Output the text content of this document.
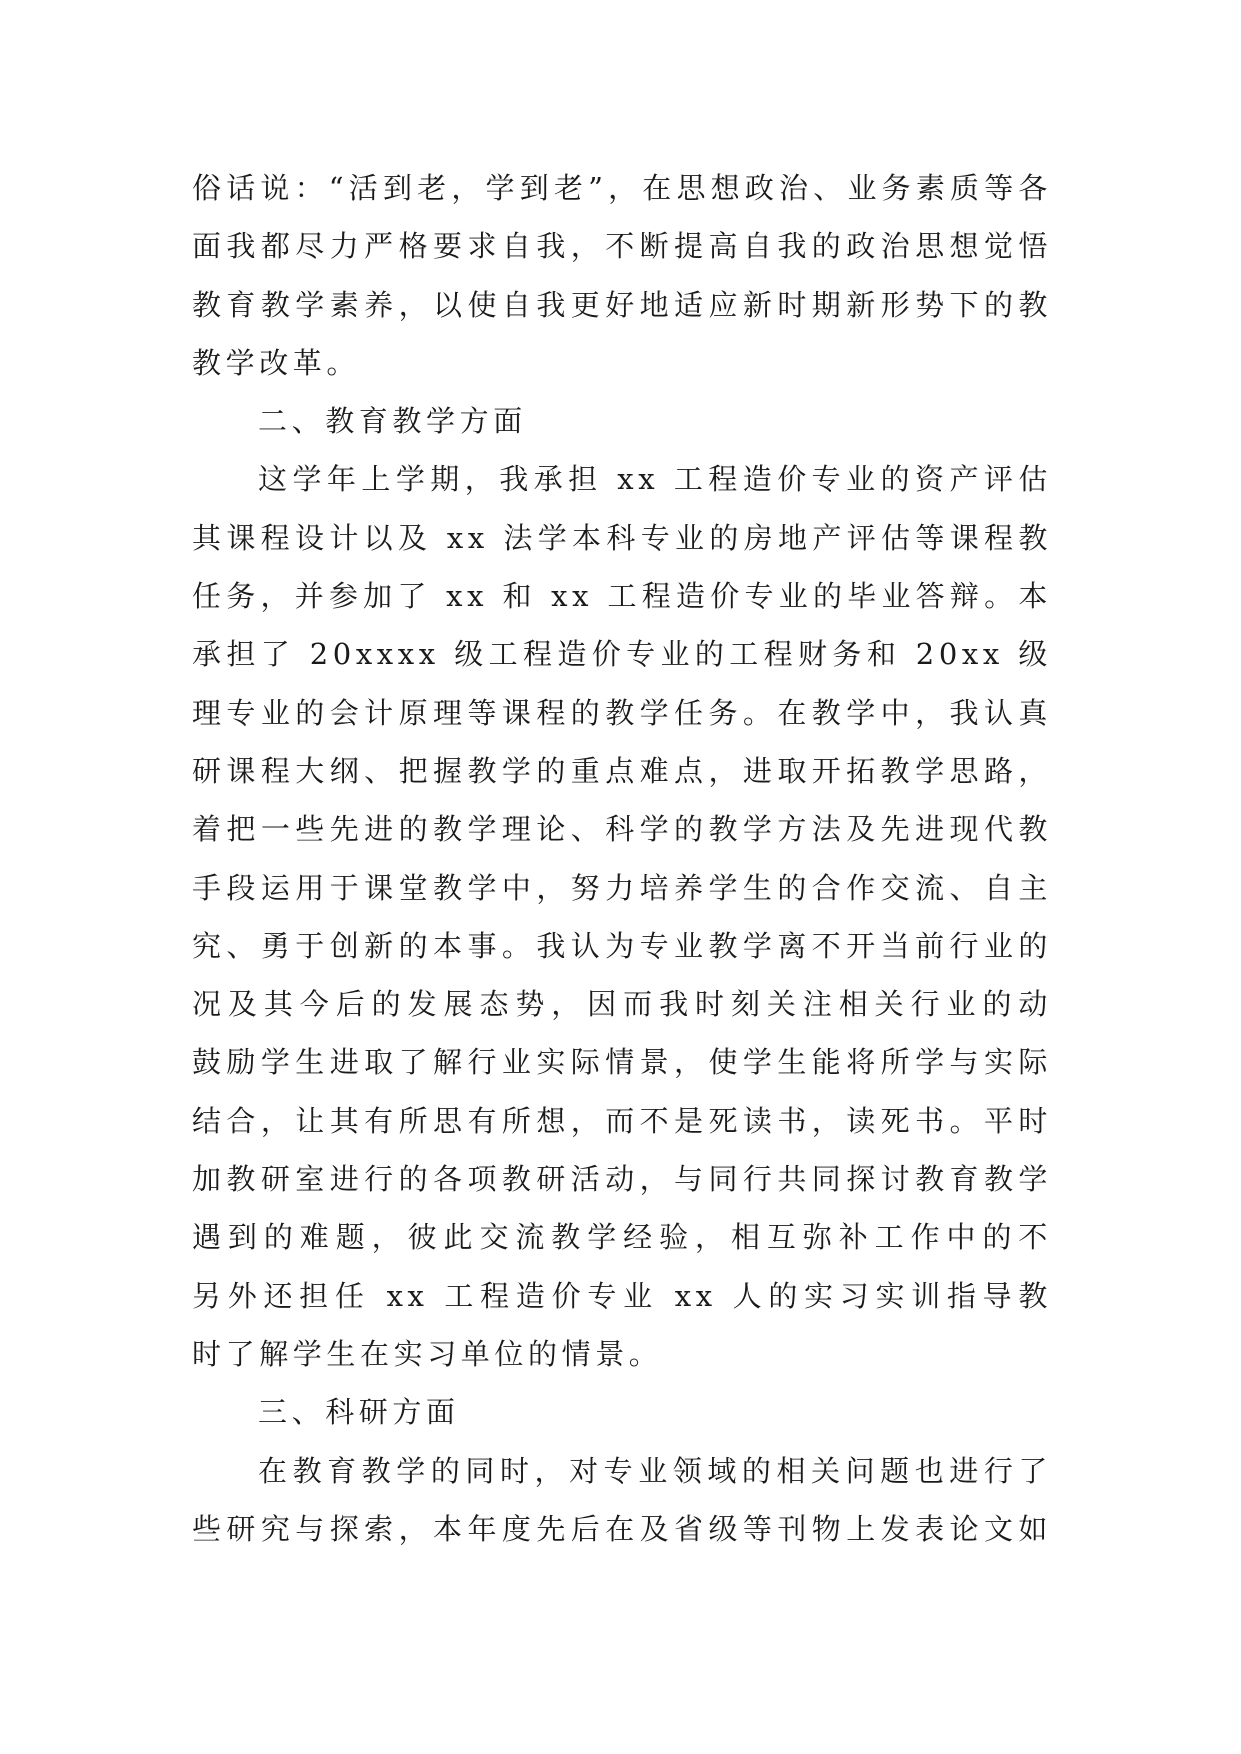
俗话说：“活到老，学到老”，在思想政治、业务素质等各
面我都尽力严格要求自我，不断提高自我的政治思想觉悟
教育教学素养，以使自我更好地适应新时期新形势下的教
教学改革。
二、教育教学方面
这学年上学期，我承担 xx 工程造价专业的资产评估
其课程设计以及 xx 法学本科专业的房地产评估等课程教
任务，并参加了 xx 和 xx 工程造价专业的毕业答辩。本
承担了 20xxxx 级工程造价专业的工程财务和 20xx 级
理专业的会计原理等课程的教学任务。在教学中，我认真
研课程大纲、把握教学的重点难点，进取开拓教学思路，
着把一些先进的教学理论、科学的教学方法及先进现代教
手段运用于课堂教学中，努力培养学生的合作交流、自主
究、勇于创新的本事。我认为专业教学离不开当前行业的
况及其今后的发展态势，因而我时刻关注相关行业的动
鼓励学生进取了解行业实际情景，使学生能将所学与实际
结合，让其有所思有所想，而不是死读书，读死书。平时
加教研室进行的各项教研活动，与同行共同探讨教育教学
遇到的难题，彼此交流教学经验，相互弥补工作中的不
另外还担任 xx 工程造价专业 xx 人的实习实训指导教
时了解学生在实习单位的情景。
三、科研方面
在教育教学的同时，对专业领域的相关问题也进行了
些研究与探索，本年度先后在及省级等刊物上发表论文如
